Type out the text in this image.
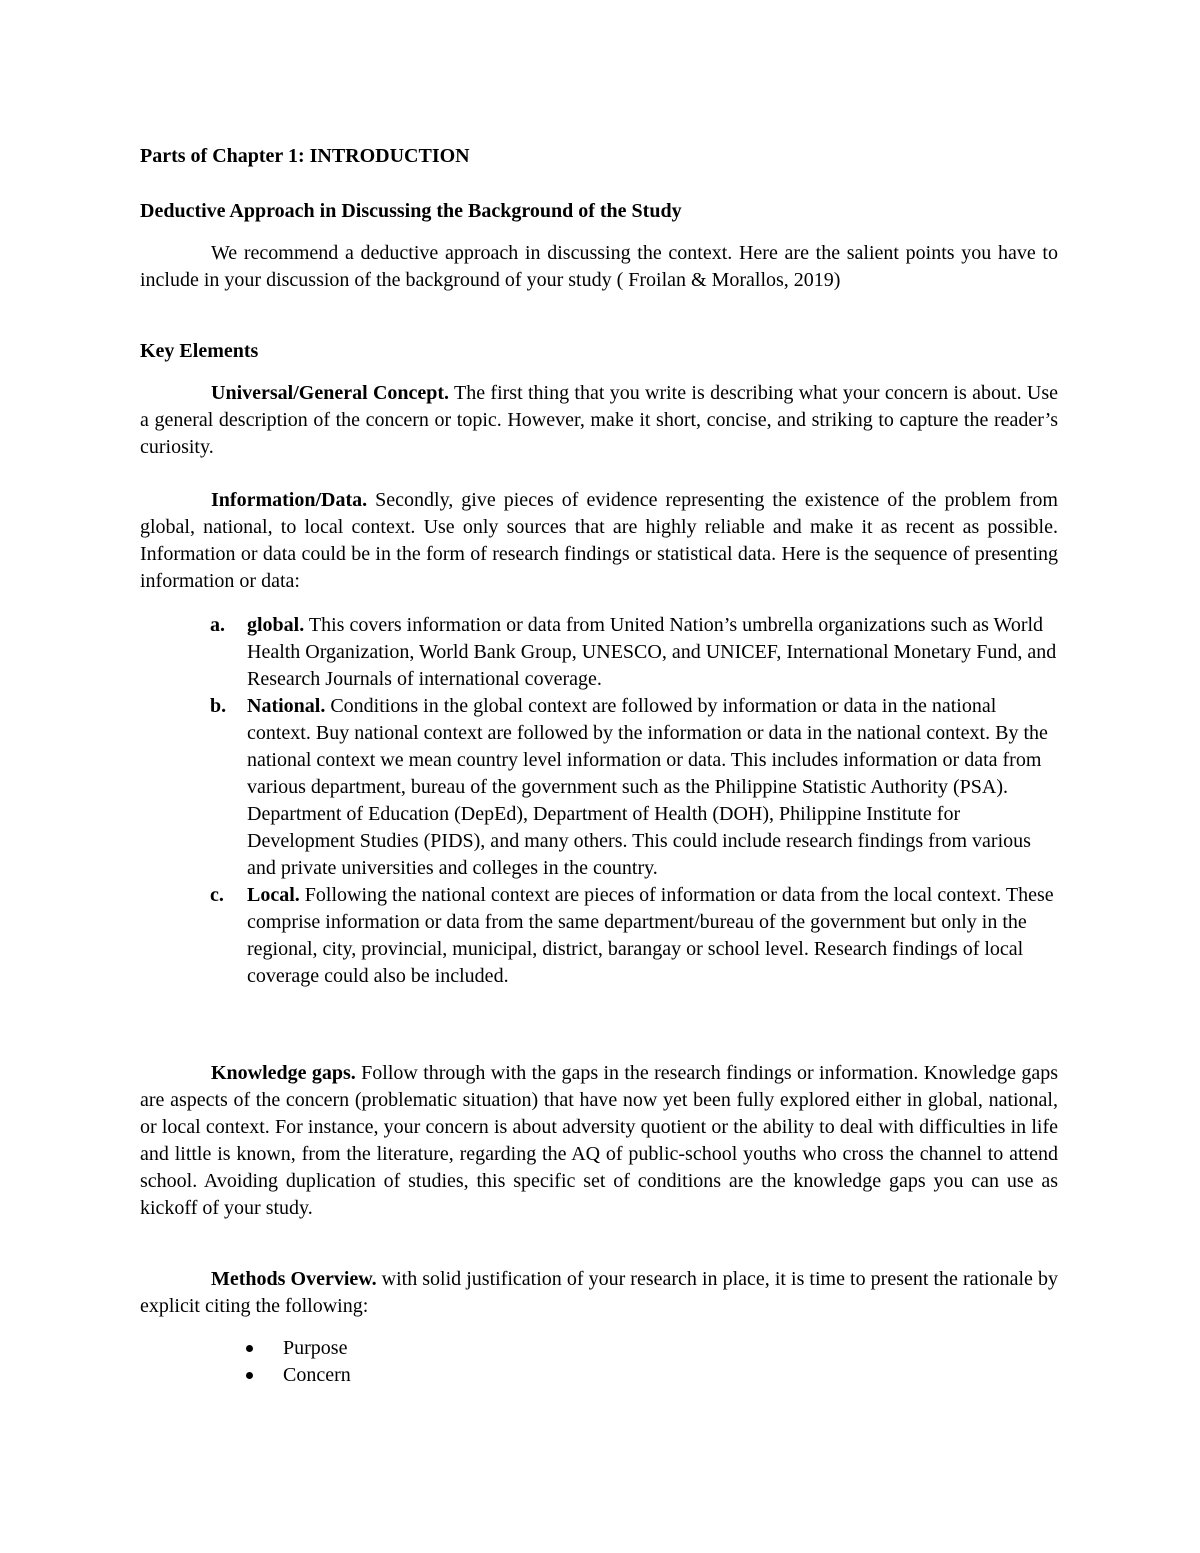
Parts of Chapter 1: INTRODUCTION
Deductive Approach in Discussing the Background of the Study
We recommend a deductive approach in discussing the context. Here are the salient points you have to include in your discussion of the background of your study ( Froilan & Morallos, 2019)
Key Elements
Universal/General Concept. The first thing that you write is describing what your concern is about. Use a general description of the concern or topic. However, make it short, concise, and striking to capture the reader’s curiosity.
Information/Data. Secondly, give pieces of evidence representing the existence of the problem from global, national, to local context. Use only sources that are highly reliable and make it as recent as possible. Information or data could be in the form of research findings or statistical data. Here is the sequence of presenting information or data:
a. global. This covers information or data from United Nation’s umbrella organizations such as World Health Organization, World Bank Group, UNESCO, and UNICEF, International Monetary Fund, and Research Journals of international coverage.
b. National. Conditions in the global context are followed by information or data in the national context. Buy national context are followed by the information or data in the national context. By the national context we mean country level information or data. This includes information or data from various department, bureau of the government such as the Philippine Statistic Authority (PSA). Department of Education (DepEd), Department of Health (DOH), Philippine Institute for Development Studies (PIDS), and many others. This could include research findings from various and private universities and colleges in the country.
c. Local. Following the national context are pieces of information or data from the local context. These comprise information or data from the same department/bureau of the government but only in the regional, city, provincial, municipal, district, barangay or school level. Research findings of local coverage could also be included.
Knowledge gaps. Follow through with the gaps in the research findings or information. Knowledge gaps are aspects of the concern (problematic situation) that have now yet been fully explored either in global, national, or local context. For instance, your concern is about adversity quotient or the ability to deal with difficulties in life and little is known, from the literature, regarding the AQ of public-school youths who cross the channel to attend school. Avoiding duplication of studies, this specific set of conditions are the knowledge gaps you can use as kickoff of your study.
Methods Overview. with solid justification of your research in place, it is time to present the rationale by explicit citing the following:
Purpose
Concern
